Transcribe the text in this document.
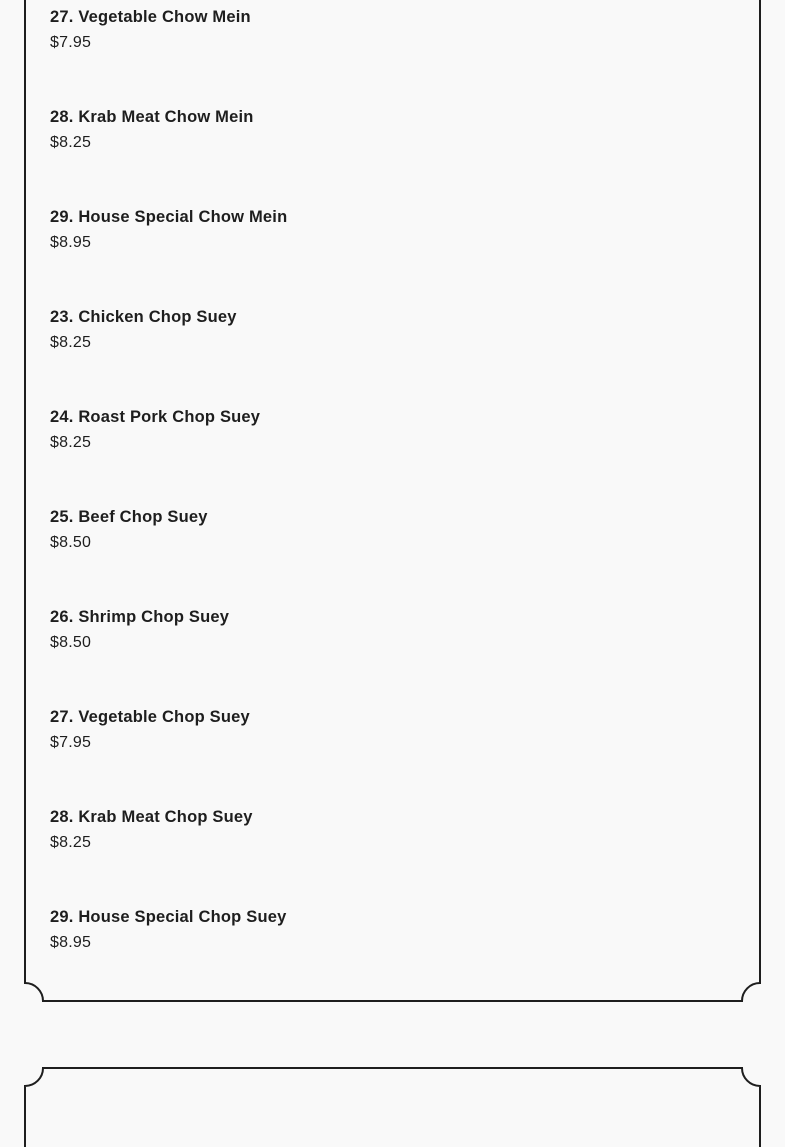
27. Vegetable Chow Mein
$7.95
28. Krab Meat Chow Mein
$8.25
29. House Special Chow Mein
$8.95
23. Chicken Chop Suey
$8.25
24. Roast Pork Chop Suey
$8.25
25. Beef Chop Suey
$8.50
26. Shrimp Chop Suey
$8.50
27. Vegetable Chop Suey
$7.95
28. Krab Meat Chop Suey
$8.25
29. House Special Chop Suey
$8.95
